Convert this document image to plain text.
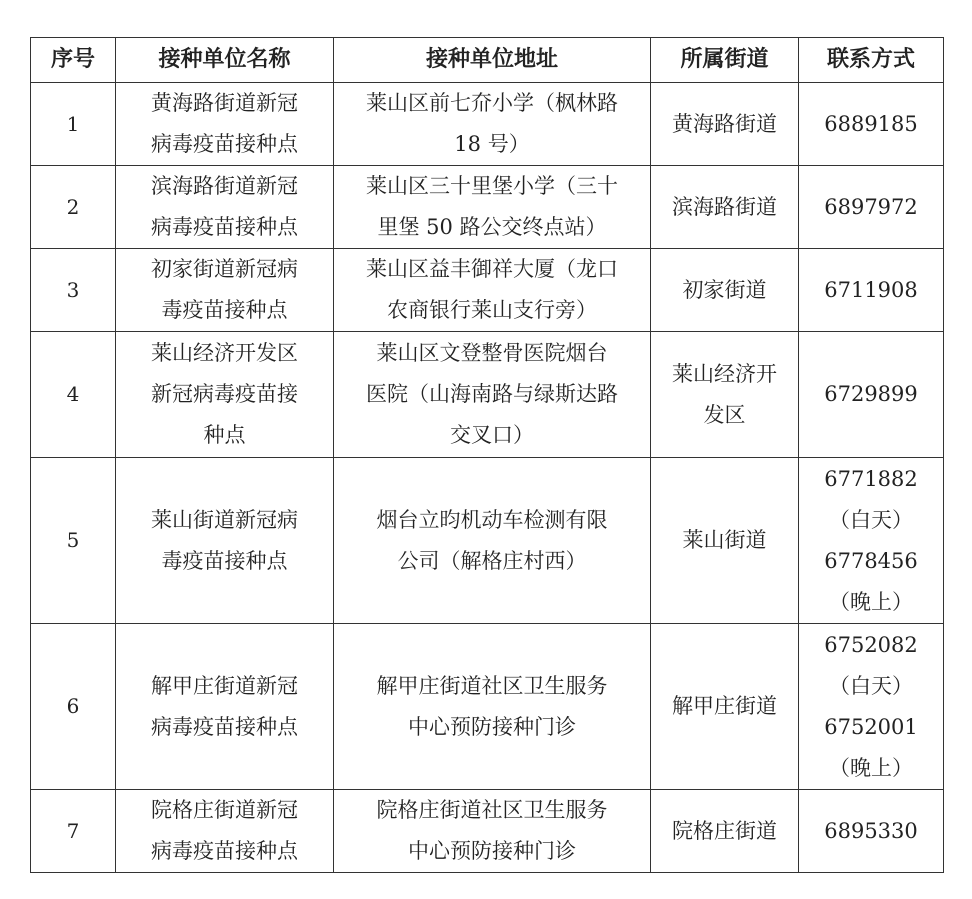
序号	接种单位名称	接种单位地址	所属街道	联系方式
1	黄海路街道新冠
病毒疫苗接种点	莱山区前七夼小学（枫林路
18 号）	黄海路街道	6889185

2	滨海路街道新冠
病毒疫苗接种点	莱山区三十里堡小学（三十
里堡 50 路公交终点站）	滨海路街道	6897972

3	初家街道新冠病
毒疫苗接种点	莱山区益丰御祥大厦（龙口
农商银行莱山支行旁）	初家街道	6711908

4	莱山经济开发区
新冠病毒疫苗接
种点	莱山区文登整骨医院烟台
医院（山海南路与绿斯达路
交叉口）	莱山经济开
发区	6729899

5	莱山街道新冠病
毒疫苗接种点	烟台立昀机动车检测有限
公司（解格庄村西）	莱山街道	6771882
（白天）
6778456
（晚上）

6	解甲庄街道新冠
病毒疫苗接种点	解甲庄街道社区卫生服务
中心预防接种门诊	解甲庄街道	6752082
（白天）
6752001
（晚上）

7	院格庄街道新冠
病毒疫苗接种点	院格庄街道社区卫生服务
中心预防接种门诊	院格庄街道	6895330
